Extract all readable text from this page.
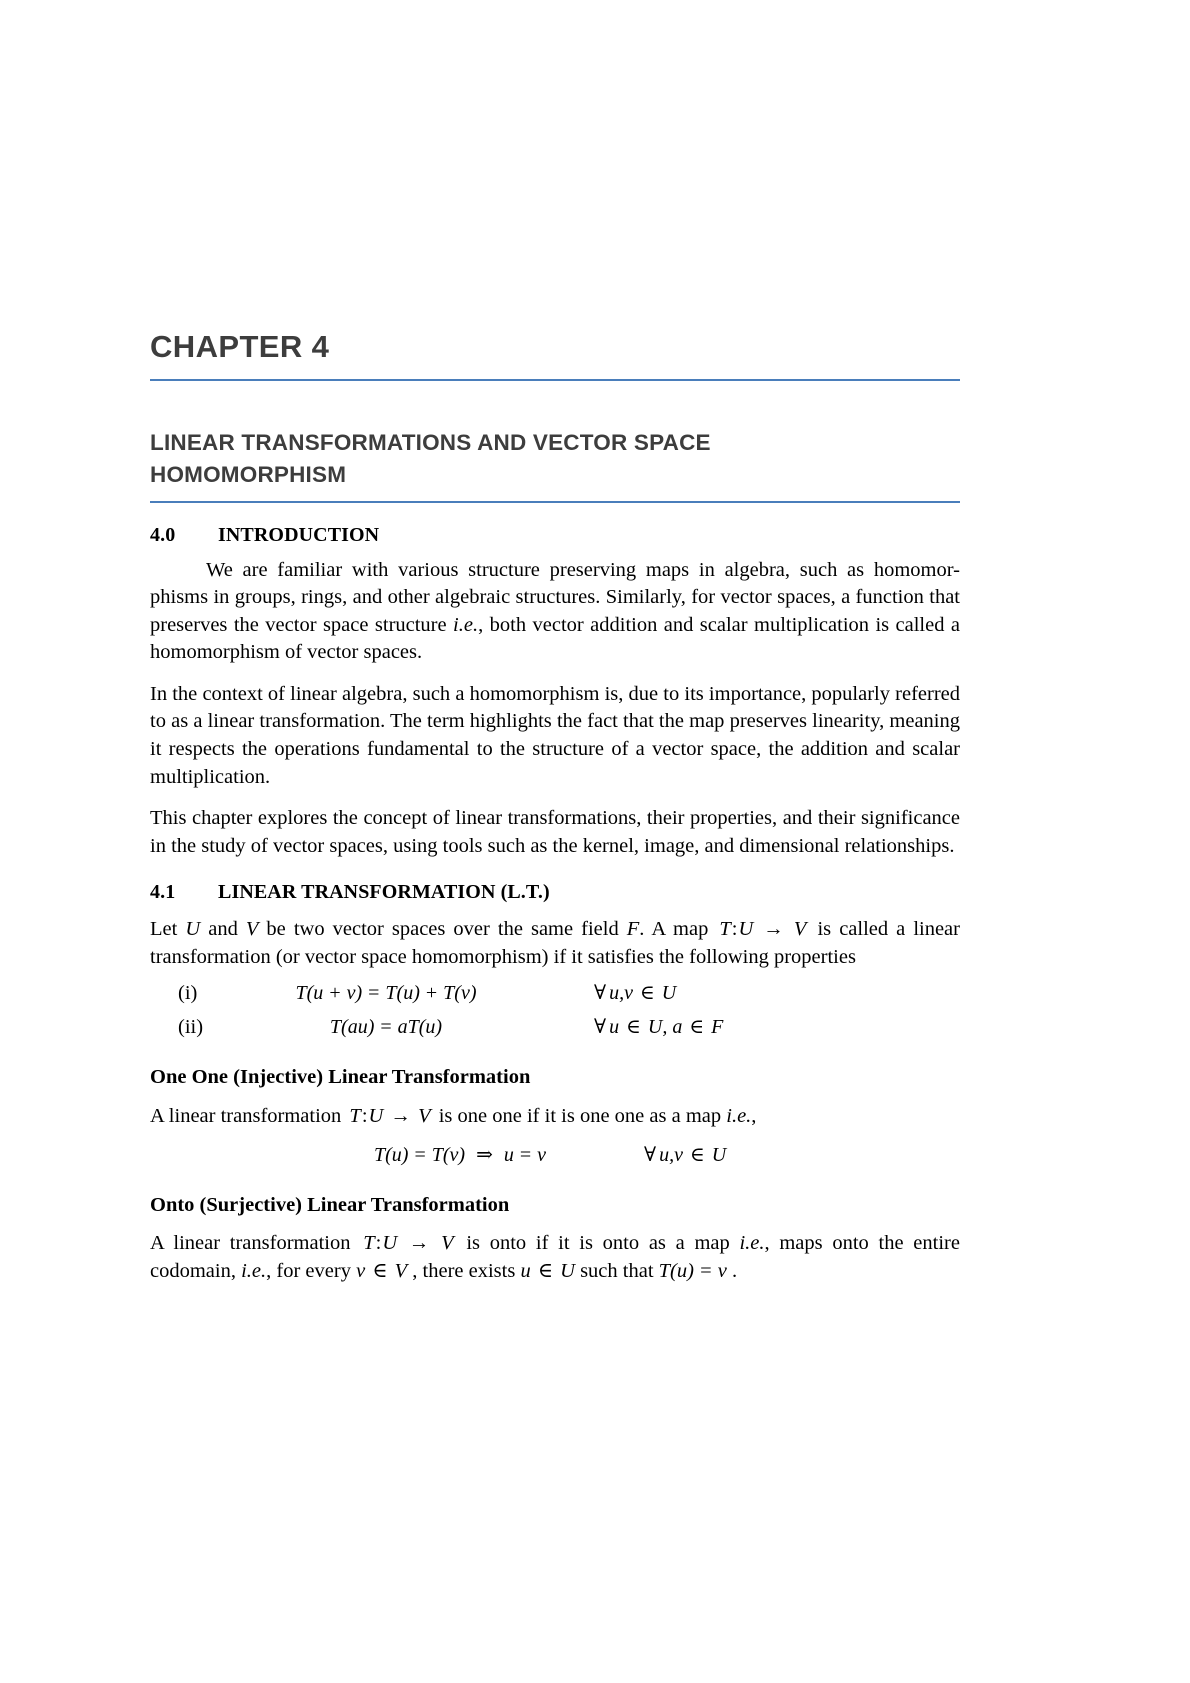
CHAPTER 4
LINEAR TRANSFORMATIONS AND VECTOR SPACE
HOMOMORPHISM
4.0 INTRODUCTION

We are familiar with various structure preserving maps in algebra, such as homomor-phisms in groups, rings, and other algebraic structures. Similarly, for vector spaces, a function that preserves the vector space structure i.e., both vector addition and scalar multiplication is called a homomorphism of vector spaces.

In the context of linear algebra, such a homomorphism is, due to its importance, popularly referred to as a linear transformation. The term highlights the fact that the map preserves linearity, meaning it respects the operations fundamental to the structure of a vector space, the addition and scalar multiplication.

This chapter explores the concept of linear transformations, their properties, and their significance in the study of vector spaces, using tools such as the kernel, image, and dimensional relationships.

4.1 LINEAR TRANSFORMATION (L.T.)

Let U and V be two vector spaces over the same field F. A map T:U → V is called a linear transformation (or vector space homomorphism) if it satisfies the following properties

(i)	T(u + v) = T(u) + T(v)	∀ u,v ∈ U
(ii)	T(au) = aT(u)	∀ u ∈ U, a ∈ F
One One (Injective) Linear Transformation

A linear transformation T:U → V is one one if it is one one as a map i.e.,

T(u) = T(v)  ⇒  u = v	∀ u,v ∈ U
Onto (Surjective) Linear Transformation

A linear transformation T:U → V is onto if it is onto as a map i.e., maps onto the entire codomain, i.e., for every v ∈ V , there exists u ∈ U such that T(u) = v .
